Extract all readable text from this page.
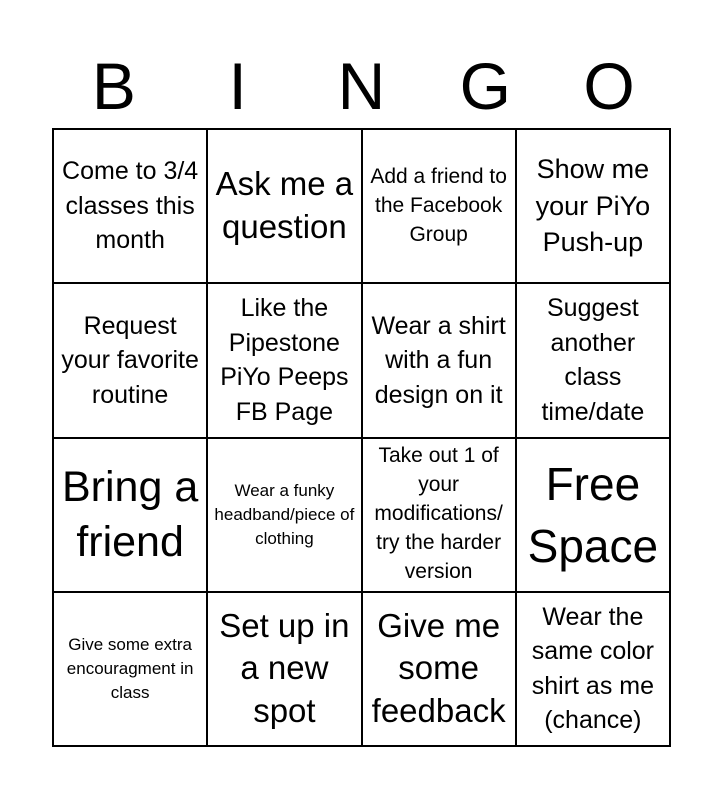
B	I	N	G	O
Come to 3/4 classes this month
Ask me a question
Add a friend to the Facebook Group
Show me your PiYo Push-up
Request your favorite routine
Like the Pipestone PiYo Peeps FB Page
Wear a shirt with a fun design on it
Suggest another class time/date
Bring a friend
Wear a funky headband/piece of clothing
Take out 1 of your modifications/ try the harder version
Free Space
Give some extra encouragment in class
Set up in a new spot
Give me some feedback
Wear the same color shirt as me (chance)
